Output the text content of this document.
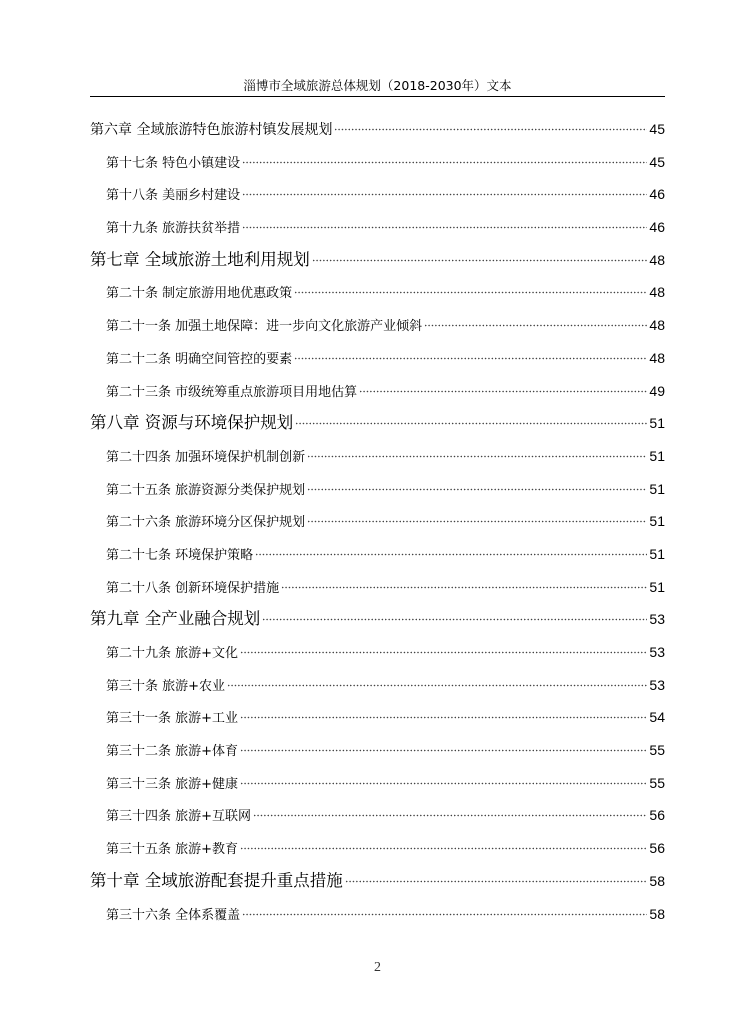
淄博市全域旅游总体规划（2018-2030年）文本
第六章 全域旅游特色旅游村镇发展规划	45
第十七条 特色小镇建设	45
第十八条 美丽乡村建设	46
第十九条 旅游扶贫举措	46
第七章 全域旅游土地利用规划	48
第二十条 制定旅游用地优惠政策	48
第二十一条 加强土地保障：进一步向文化旅游产业倾斜	48
第二十二条 明确空间管控的要素	48
第二十三条 市级统筹重点旅游项目用地估算	49
第八章 资源与环境保护规划	51
第二十四条 加强环境保护机制创新	51
第二十五条 旅游资源分类保护规划	51
第二十六条 旅游环境分区保护规划	51
第二十七条 环境保护策略	51
第二十八条 创新环境保护措施	51
第九章 全产业融合规划	53
第二十九条 旅游+文化	53
第三十条 旅游+农业	53
第三十一条 旅游+工业	54
第三十二条 旅游+体育	55
第三十三条 旅游+健康	55
第三十四条 旅游+互联网	56
第三十五条 旅游+教育	56
第十章 全域旅游配套提升重点措施	58
第三十六条 全体系覆盖	58
2
